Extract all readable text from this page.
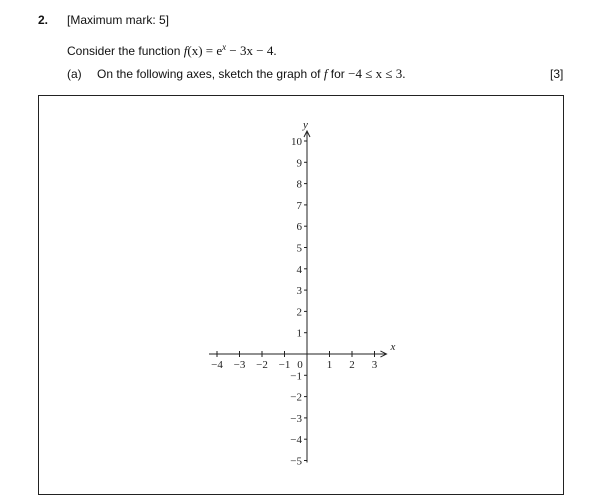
2. [Maximum mark: 5]
Consider the function $f(x) = e^x - 3x - 4$.
(a) On the following axes, sketch the graph of f for −4 ≤ x ≤ 3.	[3]
x
y
−4 −3 −2 −1	1 2 3
−5
−4
−3
−2
−1
1
2
3
4
5
6
7
8
9
10
0
